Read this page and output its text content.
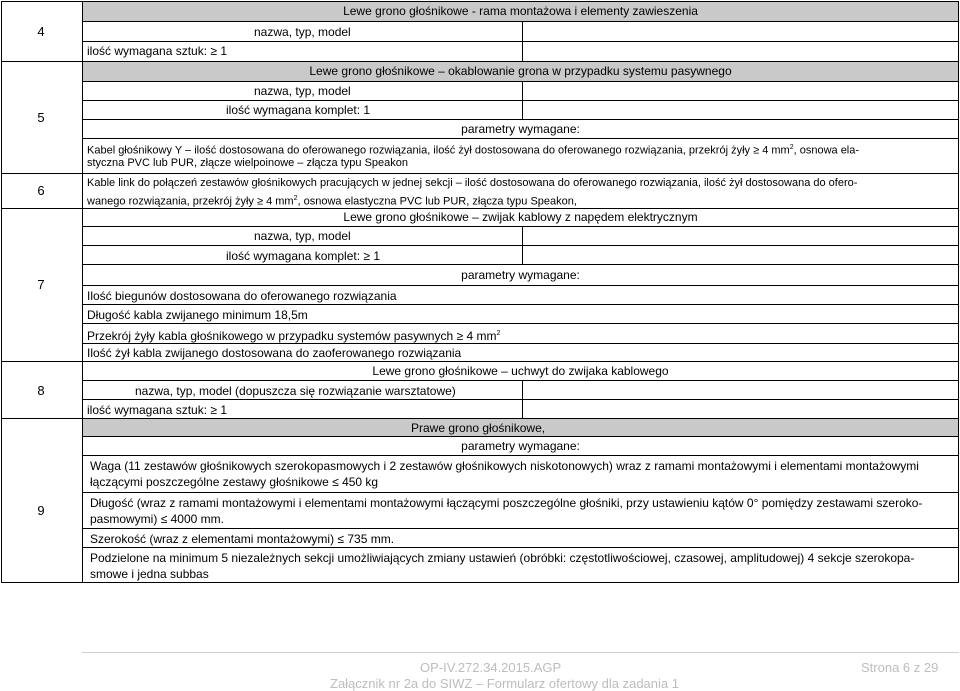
4
5
6
7
8
9
Lewe grono głośnikowe - rama montażowa i elementy zawieszenia
nazwa, typ, model
ilość wymagana sztuk: ≥ 1
Lewe grono głośnikowe – okablowanie grona w przypadku systemu pasywnego
nazwa, typ, model
ilość wymagana komplet: 1
parametry wymagane:
Kabel głośnikowy Y – ilość dostosowana do oferowanego rozwiązania, ilość żył dostosowana do oferowanego rozwiązania, przekrój żyły ≥ 4 $mm^2$, osnowa ela-
styczna PVC lub PUR, złącze wielpoinowe – złącza typu Speakon
Kable link do połączeń zestawów głośnikowych pracujących w jednej sekcji – ilość dostosowana do oferowanego rozwiązania, ilość żył dostosowana do ofero-
wanego rozwiązania, przekrój żyły ≥ 4 $mm^2$, osnowa elastyczna PVC lub PUR, złącza typu Speakon,
Lewe grono głośnikowe – zwijak kablowy z napędem elektrycznym
nazwa, typ, model
ilość wymagana komplet: ≥ 1
parametry wymagane:
Ilość biegunów dostosowana do oferowanego rozwiązania
Długość kabla zwijanego minimum 18,5m
Przekrój żyły kabla głośnikowego w przypadku systemów pasywnych ≥ 4 $mm^2$
Ilość żył kabla zwijanego dostosowana do zaoferowanego rozwiązania
Lewe grono głośnikowe – uchwyt do zwijaka kablowego
nazwa, typ, model (dopuszcza się rozwiązanie warsztatowe)
ilość wymagana sztuk: ≥ 1
Prawe grono głośnikowe,
parametry wymagane:
Waga (11 zestawów głośnikowych szerokopasmowych i 2 zestawów głośnikowych niskotonowych) wraz z ramami montażowymi i elementami montażowymi
łączącymi poszczególne zestawy głośnikowe ≤ 450 kg
Długość (wraz z ramami montażowymi i elementami montażowymi łączącymi poszczególne głośniki, przy ustawieniu kątów 0° pomiędzy zestawami szeroko-
pasmowymi) ≤ 4000 mm.
Szerokość (wraz z elementami montażowymi) ≤ 735 mm.
Podzielone na minimum 5 niezależnych sekcji umożliwiających zmiany ustawień (obróbki: częstotliwościowej, czasowej, amplitudowej) 4 sekcje szerokopa-
smowe i jedna subbas
OP-IV.272.34.2015.AGP	Strona 6 z 29
Załącznik nr 2a do SIWZ – Formularz ofertowy dla zadania 1
